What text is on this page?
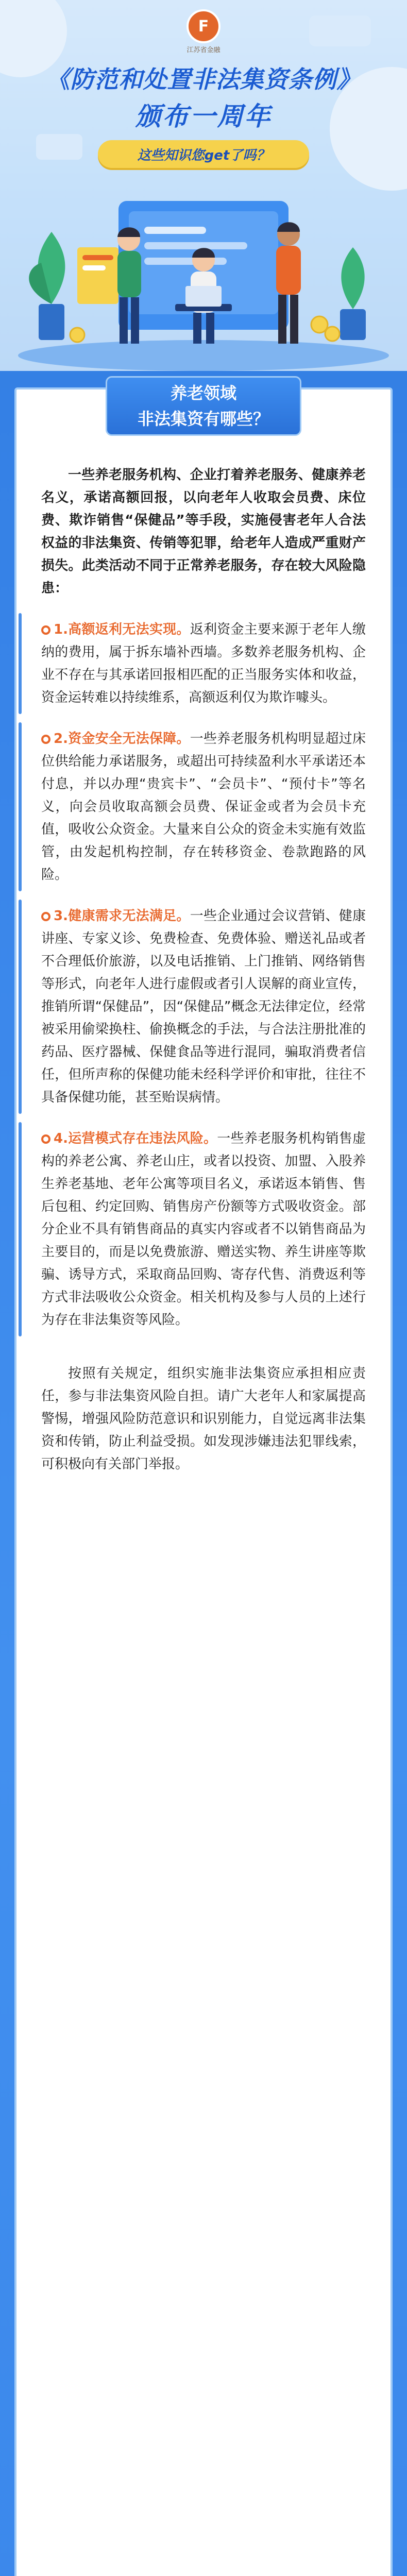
F
江苏省金融
《防范和处置非法集资条例》
颁布一周年
这些知识您get了吗？
养老领域
非法集资有哪些？

一些养老服务机构、企业打着养老服务、健康养老名义，承诺高额回报，以向老年人收取会员费、床位费、欺诈销售“保健品”等手段，实施侵害老年人合法权益的非法集资、传销等犯罪，给老年人造成严重财产损失。此类活动不同于正常养老服务，存在较大风险隐患：

1.高额返利无法实现。返利资金主要来源于老年人缴纳的费用，属于拆东墙补西墙。多数养老服务机构、企业不存在与其承诺回报相匹配的正当服务实体和收益，资金运转难以持续维系，高额返利仅为欺诈噱头。
2.资金安全无法保障。一些养老服务机构明显超过床位供给能力承诺服务，或超出可持续盈利水平承诺还本付息，并以办理“贵宾卡”、“会员卡”、“预付卡”等名义，向会员收取高额会员费、保证金或者为会员卡充值，吸收公众资金。大量来自公众的资金未实施有效监管，由发起机构控制，存在转移资金、卷款跑路的风险。
3.健康需求无法满足。一些企业通过会议营销、健康讲座、专家义诊、免费检查、免费体验、赠送礼品或者不合理低价旅游，以及电话推销、上门推销、网络销售等形式，向老年人进行虚假或者引人误解的商业宣传，推销所谓“保健品”，因“保健品”概念无法律定位，经常被采用偷梁换柱、偷换概念的手法，与合法注册批准的药品、医疗器械、保健食品等进行混同，骗取消费者信任，但所声称的保健功能未经科学评价和审批，往往不具备保健功能，甚至贻误病情。
4.运营模式存在违法风险。一些养老服务机构销售虚构的养老公寓、养老山庄，或者以投资、加盟、入股养生养老基地、老年公寓等项目名义，承诺返本销售、售后包租、约定回购、销售房产份额等方式吸收资金。部分企业不具有销售商品的真实内容或者不以销售商品为主要目的，而是以免费旅游、赠送实物、养生讲座等欺骗、诱导方式，采取商品回购、寄存代售、消费返利等方式非法吸收公众资金。相关机构及参与人员的上述行为存在非法集资等风险。

按照有关规定，组织实施非法集资应承担相应责任，参与非法集资风险自担。请广大老年人和家属提高警惕，增强风险防范意识和识别能力，自觉远离非法集资和传销，防止利益受损。如发现涉嫌违法犯罪线索，可积极向有关部门举报。
